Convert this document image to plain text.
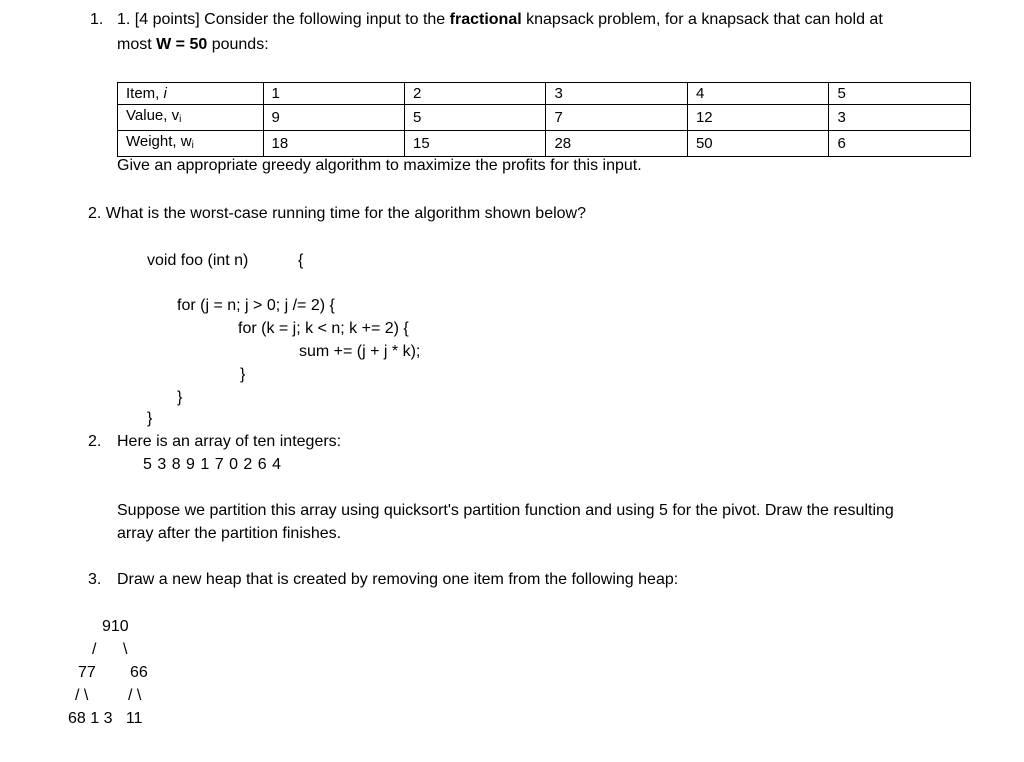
1. 1. [4 points] Consider the following input to the fractional knapsack problem, for a knapsack that can hold at
most W = 50 pounds:
Item, i	1	2	3	4	5
Value, $v_i$	9	5	7	12	3
Weight, $w_i$	18	15	28	50	6
Give an appropriate greedy algorithm to maximize the profits for this input.
2. What is the worst-case running time for the algorithm shown below?
void foo (int n)	{
for (j = n; j > 0; j /= 2) {
for (k = j; k < n; k += 2) {
sum += (j + j * k);
}
}
}
2. Here is an array of ten integers:
5 3 8 9 1 7 0 2 6 4
Suppose we partition this array using quicksort's partition function and using 5 for the pivot. Draw the resulting
array after the partition finishes.
3. Draw a new heap that is created by removing one item from the following heap:
910
/ \
77 66
/ \ / \
68 1 3   11
